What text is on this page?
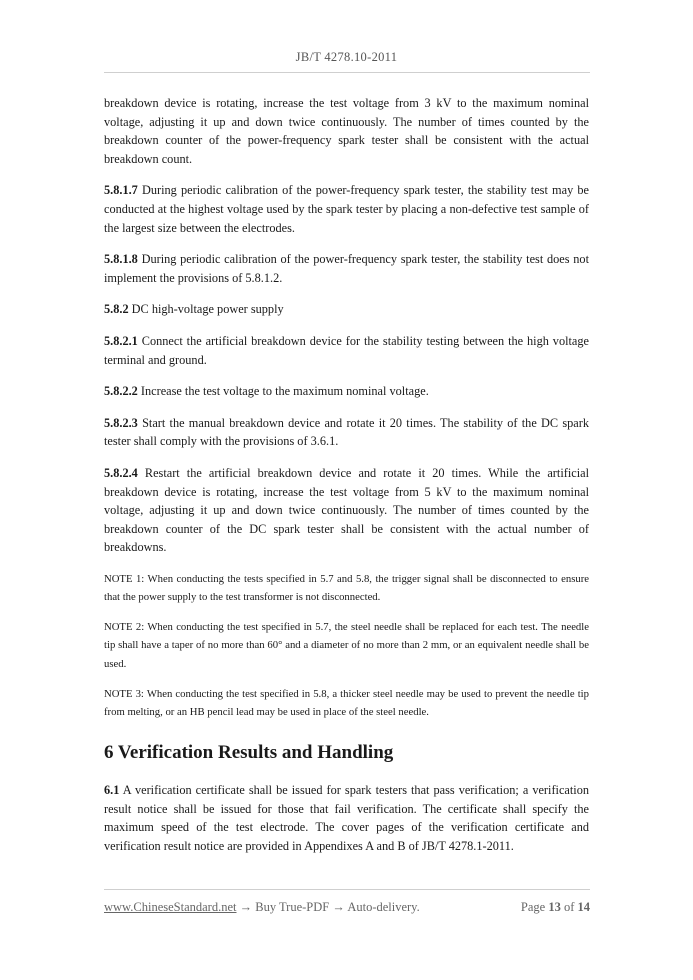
JB/T 4278.10-2011

breakdown device is rotating, increase the test voltage from 3 kV to the maximum nominal voltage, adjusting it up and down twice continuously. The number of times counted by the breakdown counter of the power-frequency spark tester shall be consistent with the actual breakdown count.

5.8.1.7 During periodic calibration of the power-frequency spark tester, the stability test may be conducted at the highest voltage used by the spark tester by placing a non-defective test sample of the largest size between the electrodes.

5.8.1.8 During periodic calibration of the power-frequency spark tester, the stability test does not implement the provisions of 5.8.1.2.

5.8.2 DC high-voltage power supply

5.8.2.1 Connect the artificial breakdown device for the stability testing between the high voltage terminal and ground.

5.8.2.2 Increase the test voltage to the maximum nominal voltage.

5.8.2.3 Start the manual breakdown device and rotate it 20 times. The stability of the DC spark tester shall comply with the provisions of 3.6.1.

5.8.2.4 Restart the artificial breakdown device and rotate it 20 times. While the artificial breakdown device is rotating, increase the test voltage from 5 kV to the maximum nominal voltage, adjusting it up and down twice continuously. The number of times counted by the breakdown counter of the DC spark tester shall be consistent with the actual number of breakdowns.

NOTE 1: When conducting the tests specified in 5.7 and 5.8, the trigger signal shall be disconnected to ensure that the power supply to the test transformer is not disconnected.

NOTE 2: When conducting the test specified in 5.7, the steel needle shall be replaced for each test. The needle tip shall have a taper of no more than 60° and a diameter of no more than 2 mm, or an equivalent needle shall be used.

NOTE 3: When conducting the test specified in 5.8, a thicker steel needle may be used to prevent the needle tip from melting, or an HB pencil lead may be used in place of the steel needle.

6 Verification Results and Handling

6.1 A verification certificate shall be issued for spark testers that pass verification; a verification result notice shall be issued for those that fail verification. The certificate shall specify the maximum speed of the test electrode. The cover pages of the verification certificate and verification result notice are provided in Appendixes A and B of JB/T 4278.1-2011.

www.ChineseStandard.net → Buy True-PDF → Auto-delivery.	Page 13 of 14
